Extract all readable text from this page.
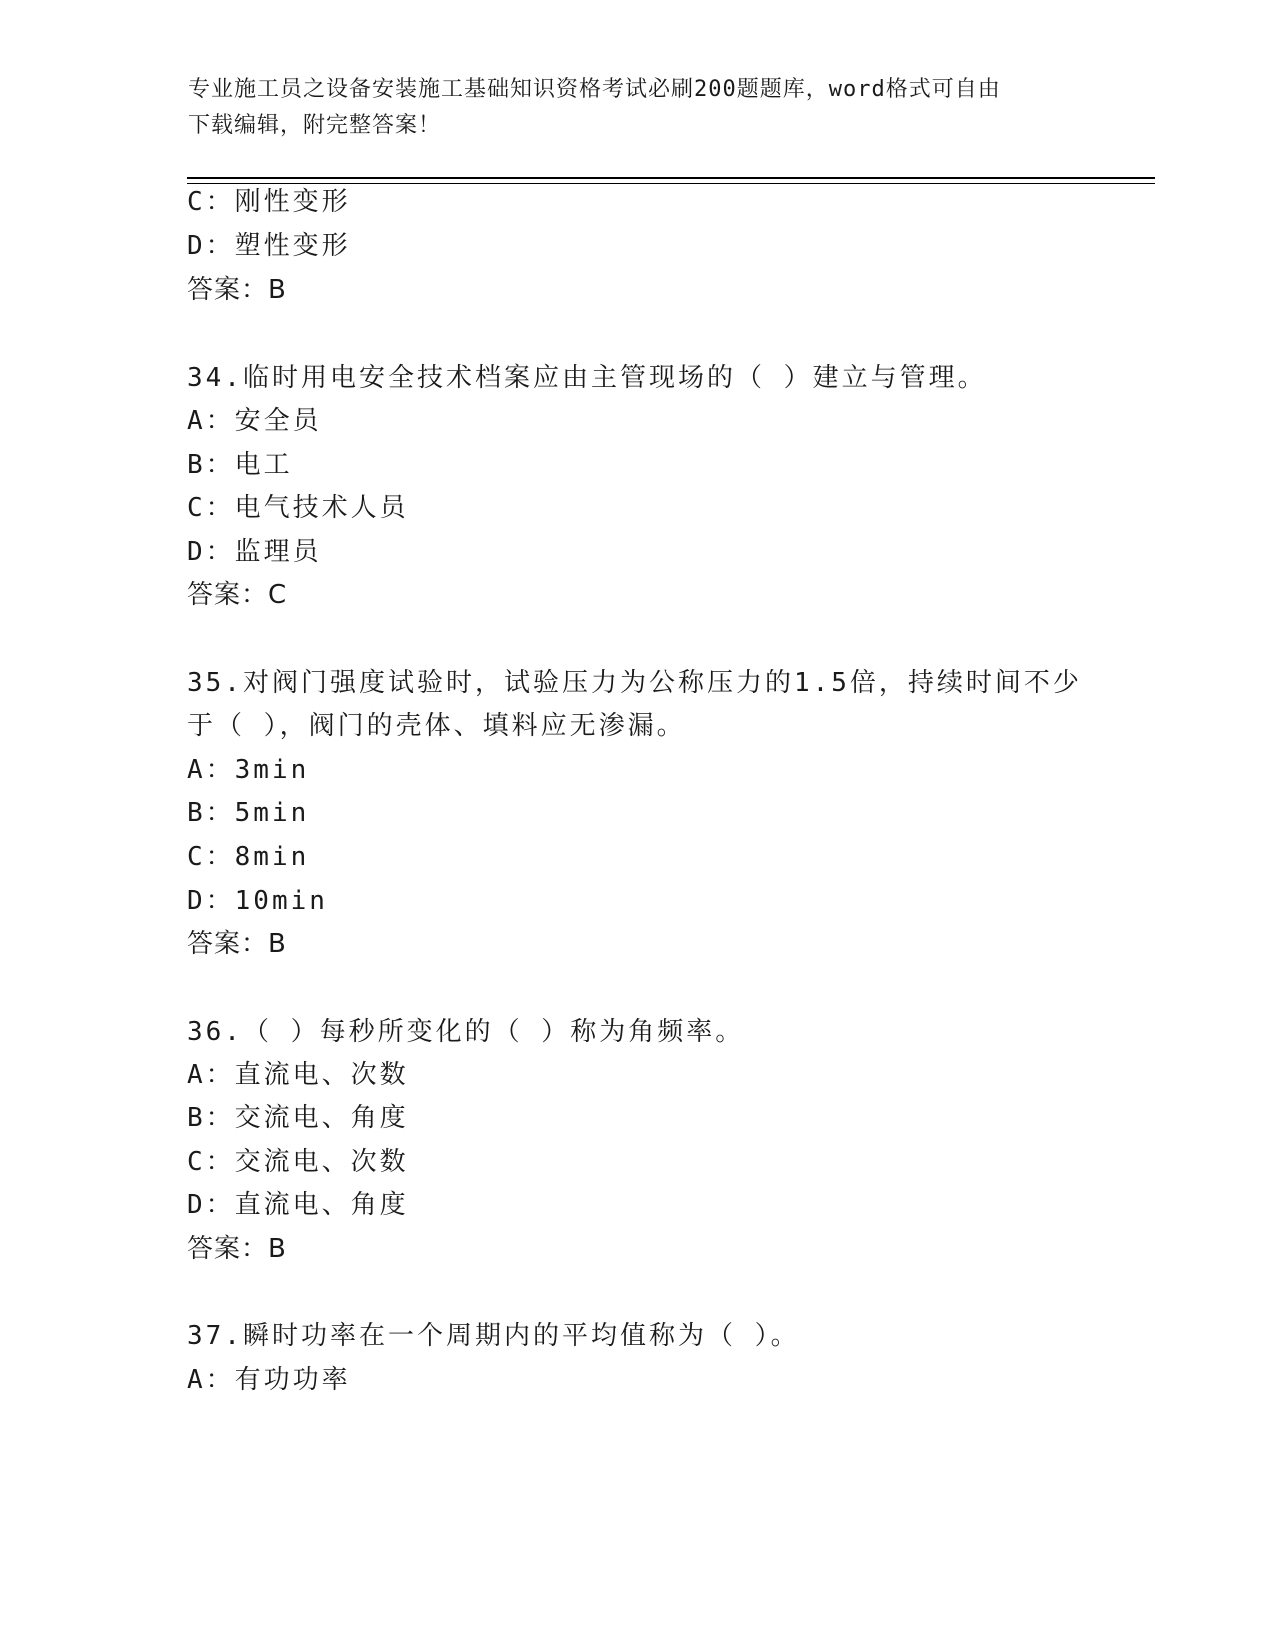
专业施工员之设备安装施工基础知识资格考试必刷200题题库，word格式可自由
下载编辑，附完整答案！
C：刚性变形
D：塑性变形
答案：B
34.临时用电安全技术档案应由主管现场的（ ）建立与管理。
A：安全员
B：电工
C：电气技术人员
D：监理员
答案：C
35.对阀门强度试验时，试验压力为公称压力的1.5倍，持续时间不少
于（ ），阀门的壳体、填料应无渗漏。
A：3min
B：5min
C：8min
D：10min
答案：B
36.（ ）每秒所变化的（ ）称为角频率。
A：直流电、次数
B：交流电、角度
C：交流电、次数
D：直流电、角度
答案：B
37.瞬时功率在一个周期内的平均值称为（ ）。
A：有功功率
